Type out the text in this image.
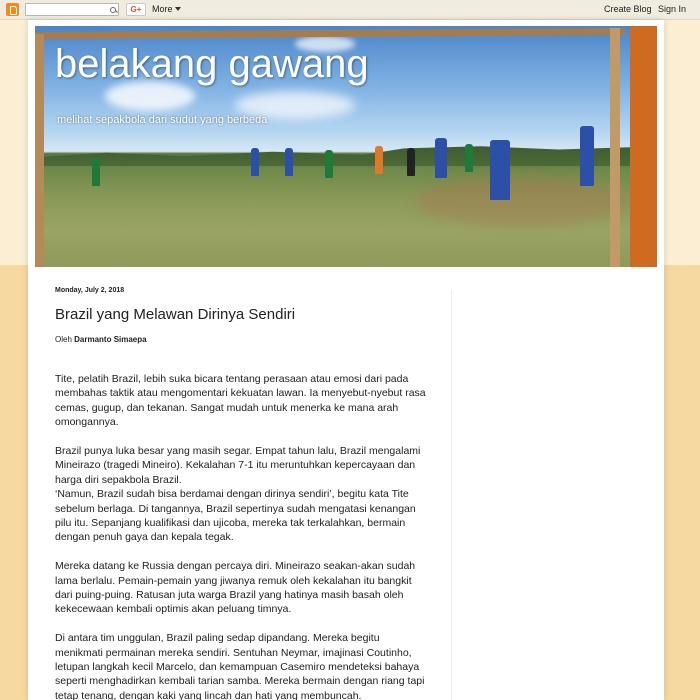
G+	More	Create Blog Sign In
belakang gawang
melihat sepakbola dari sudut yang berbeda
Monday, July 2, 2018
Brazil yang Melawan Dirinya Sendiri
Oleh Darmanto Simaepa

Tite, pelatih Brazil, lebih suka bicara tentang perasaan atau emosi dari pada membahas taktik atau mengomentari kekuatan lawan. Ia menyebut-nyebut rasa cemas, gugup, dan tekanan. Sangat mudah untuk menerka ke mana arah omongannya.

Brazil punya luka besar yang masih segar. Empat tahun lalu, Brazil mengalami Mineirazo (tragedi Mineiro). Kekalahan 7-1 itu meruntuhkan kepercayaan dan harga diri sepakbola Brazil.

‘Namun, Brazil sudah bisa berdamai dengan dirinya sendiri’, begitu kata Tite sebelum berlaga. Di tangannya, Brazil sepertinya sudah mengatasi kenangan pilu itu. Sepanjang kualifikasi dan ujicoba, mereka tak terkalahkan, bermain dengan penuh gaya dan kepala tegak.

Mereka datang ke Russia dengan percaya diri. Mineirazo seakan-akan sudah lama berlalu. Pemain-pemain yang jiwanya remuk oleh kekalahan itu bangkit dari puing-puing. Ratusan juta warga Brazil yang hatinya masih basah oleh kekecewaan kembali optimis akan peluang timnya.

Di antara tim unggulan, Brazil paling sedap dipandang. Mereka begitu menikmati permainan mereka sendiri. Sentuhan Neymar, imajinasi Coutinho, letupan langkah kecil Marcelo, dan kemampuan Casemiro mendeteksi bahaya seperti menghadirkan kembali tarian samba. Mereka bermain dengan riang tapi tetap tenang, dengan kaki yang lincah dan hati yang membuncah.
